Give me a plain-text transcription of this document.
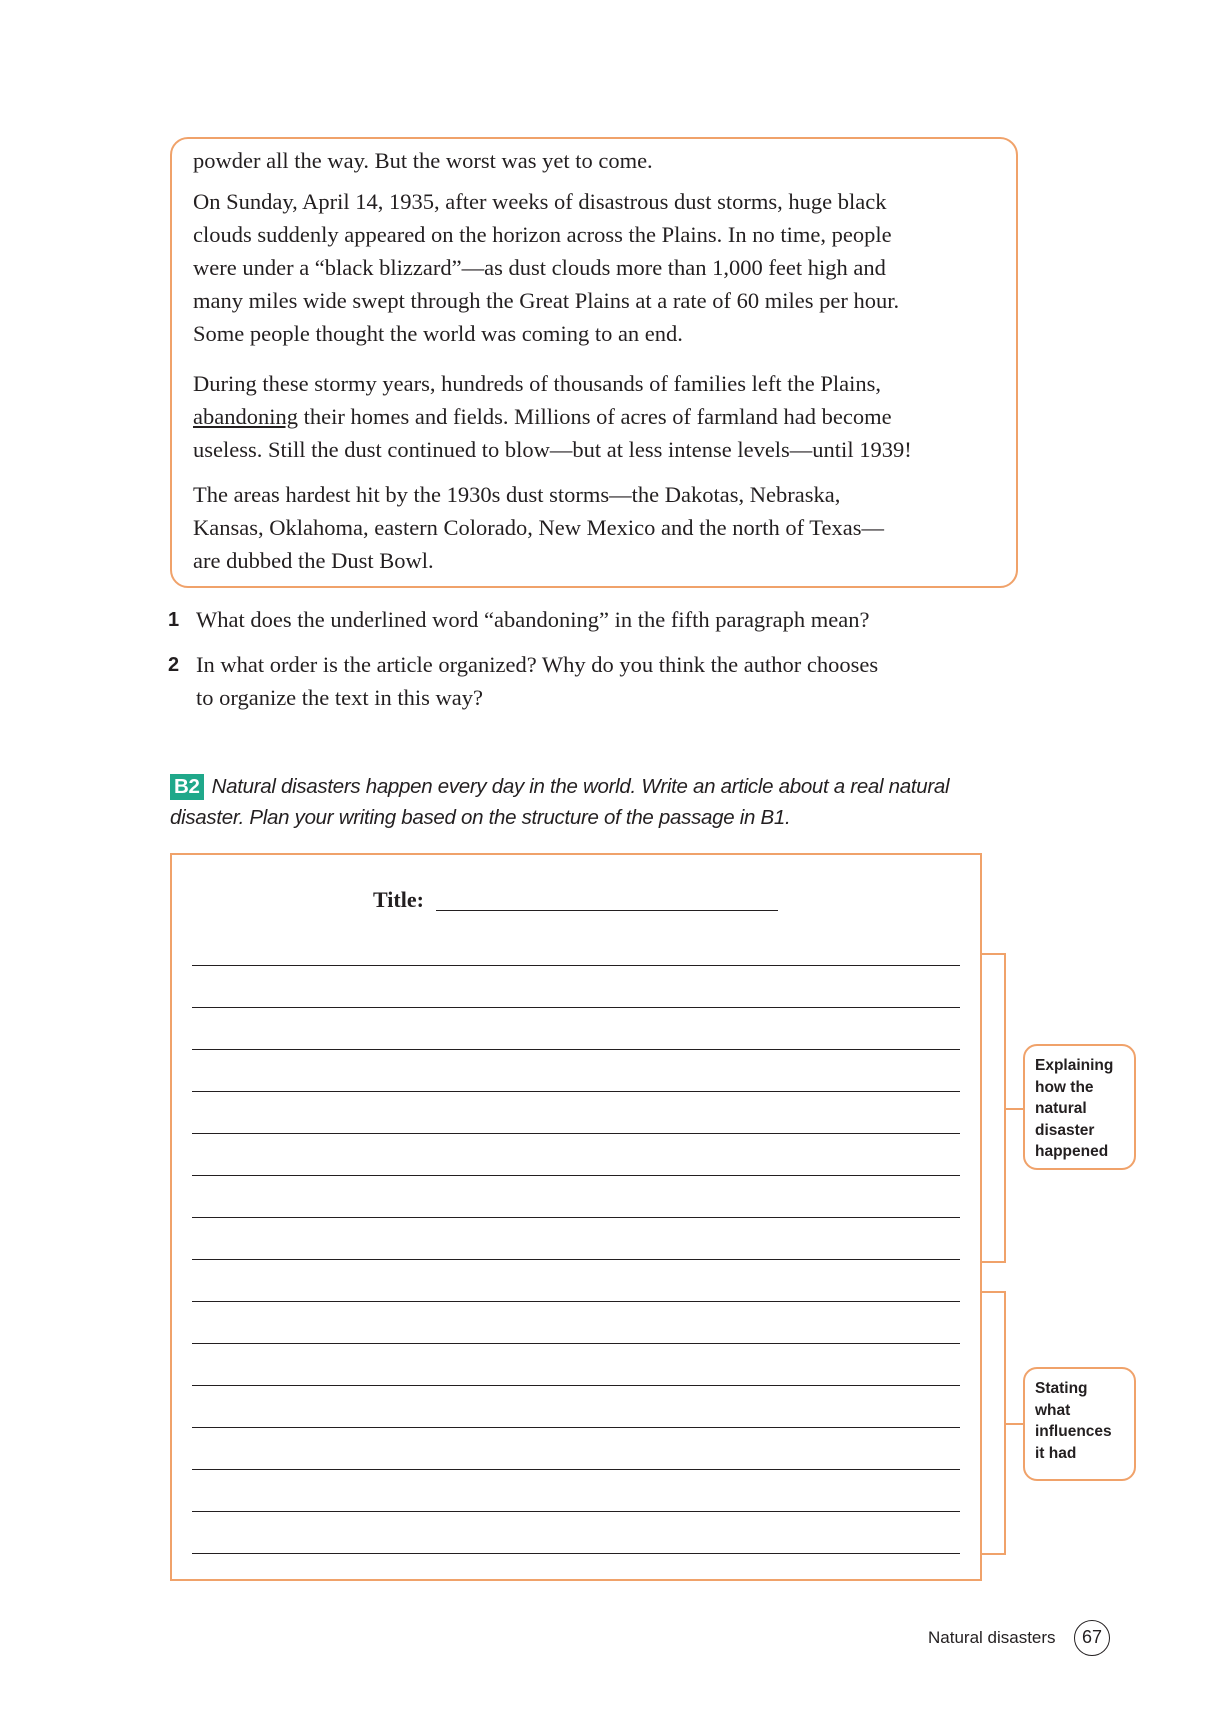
powder all the way. But the worst was yet to come.
On Sunday, April 14, 1935, after weeks of disastrous dust storms, huge black
clouds suddenly appeared on the horizon across the Plains. In no time, people
were under a “black blizzard”—as dust clouds more than 1,000 feet high and
many miles wide swept through the Great Plains at a rate of 60 miles per hour.
Some people thought the world was coming to an end.
During these stormy years, hundreds of thousands of families left the Plains,
abandoning their homes and fields. Millions of acres of farmland had become
useless. Still the dust continued to blow—but at less intense levels—until 1939!
The areas hardest hit by the 1930s dust storms—the Dakotas, Nebraska,
Kansas, Oklahoma, eastern Colorado, New Mexico and the north of Texas—
are dubbed the Dust Bowl.
1 What does the underlined word “abandoning” in the fifth paragraph mean?
2 In what order is the article organized? Why do you think the author chooses
to organize the text in this way?
B2 Natural disasters happen every day in the world. Write an article about a real natural
disaster. Plan your writing based on the structure of the passage in B1.
Title:
Explaining
how the
natural
disaster
happened
Stating
what
influences
it had
Natural disasters	67
